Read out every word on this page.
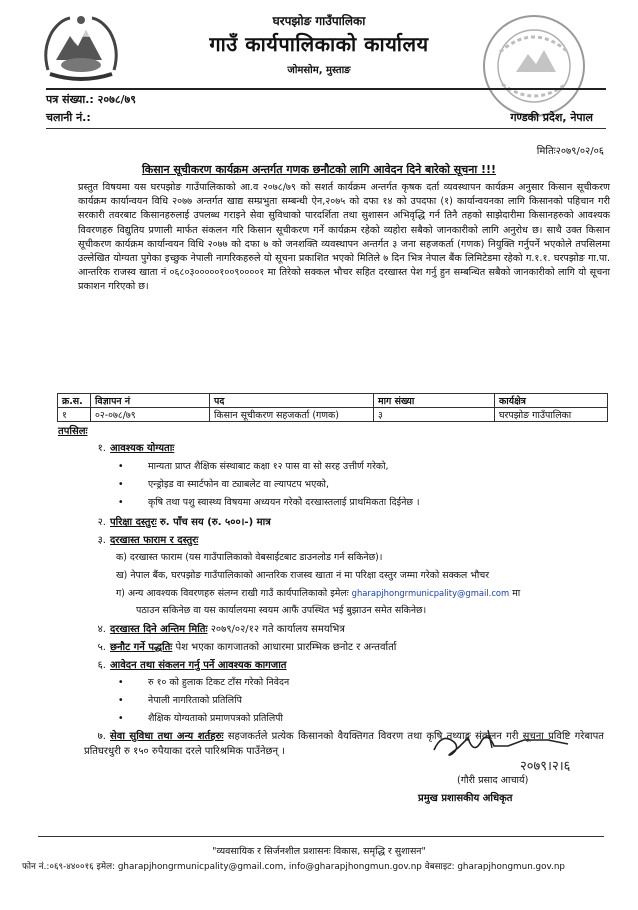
घरपझोङ गाउँपालिका
गाउँ कार्यपालिकाको कार्यालय
जोमसोम, मुस्ताङ
पत्र संख्या.: २०७८/७९
चलानी नं.:	गण्डकी प्रदेश, नेपाल
मितिः२०७९/०२/०६
किसान सूचीकरण कार्यक्रम अन्तर्गत गणक छनौटको लागि आवेदन दिने बारेको सूचना !!!
प्रस्तुत विषयमा यस घरपझोङ गाउँपालिकाको आ.व २०७८/७९ को सशर्त कार्यक्रम अन्तर्गत कृषक दर्ता व्यवस्थापन कार्यक्रम अनुसार किसान सूचीकरण कार्यक्रम कार्यान्वयन विधि २०७७ अन्तर्गत खाद्य सम्प्रभुता सम्बन्धी ऐन,२०७५ को दफा १४ को उपदफा (१) कार्यान्वयनका लागि किसानको पहिचान गरी सरकारी तवरबाट किसानहरुलाई उपलब्ध गराइने सेवा सुविधाको पारदर्शिता तथा सुशासन अभिवृद्धि गर्न तिनै तहको साझेदारीमा किसानहरुको आवश्यक विवरणहरु विद्युतिय प्रणाली मार्फत संकलन गरि किसान सूचीकरण गर्ने कार्यक्रम रहेको व्यहोरा सबैको जानकारीको लागि अनुरोध छ। साथै उक्त किसान सूचीकरण कार्यक्रम कार्यान्वयन विधि २०७७ को दफा ७ को जनशक्ति व्यवस्थापन अन्तर्गत ३ जना सहजकर्ता (गणक) नियुक्ति गर्नुपर्ने भएकोले तपसिलमा उल्लेखित योग्यता पुगेका इच्छुक नेपाली नागरिकहरुले यो सूचना प्रकाशित भएको मितिले ७ दिन भित्र नेपाल बैंक लिमिटेडमा रहेको ग.१.१. घरपझोङ गा.पा. आन्तरिक राजस्व खाता नं ०६८०३०००००१००९००००१ मा तिरेको सक्कल भौचर सहित दरखास्त पेश गर्नु हुन सम्बन्धित सबैको जानकारीको लागि यो सूचना प्रकाशन गरिएको छ।
क्र.स.	विज्ञापन नं	पद	माग संख्या	कार्यक्षेत्र
१	०२-०७८/७९	किसान सूचीकरण सहजकर्ता (गणक)	३	घरपझोङ गाउँपालिका
तपसिलः
१. आवश्यक योग्यताः
•	मान्यता प्राप्त शैक्षिक संस्थाबाट कक्षा १२ पास वा सो सरह उत्तीर्ण गरेको,
•	एन्ड्रोइड वा स्मार्टफोन वा ट्याबलेट वा ल्यापटप भएको,
•	कृषि तथा पशु स्वास्थ्य विषयमा अध्ययन गरेकोे दरखास्तलाई प्राथमिकता दिईनेछ ।
२. परिक्षा दस्तुरः रु. पाँच सय (रु. ५००।-) मात्र
३. दरखास्त फाराम र दस्तुरः
क) दरखास्त फाराम (यस गाउँपालिकाको वेबसाईटबाट डाउनलोड गर्न सकिनेछ)।
ख) नेपाल बैंक, घरपझोङ गाउँपालिकाको आन्तरिक राजस्व खाता नं मा परिक्षा दस्तुर जम्मा गरेको सक्कल भौचर
ग) अन्य आवश्यक विवरणहरु संलग्न राखी गाउँ कार्यपालिकाको इमेलः gharapjhongrmunicpality@gmail.com मा
पठाउन सकिनेछ वा यस कार्यालयमा स्वयम आफैं उपस्थित भई बुझाउन समेत सकिनेछ।
४. दरखास्त दिने अन्तिम मितिः २०७९/०२/१२ गते कार्यालय समयभित्र
५. छनौट गर्ने पद्धतिः पेश भएका कागजातको आधारमा प्रारम्भिक छनोट र अन्तर्वार्ता
६. आवेदन तथा संकलन गर्नु पर्ने आवश्यक कागजात
•	रु १० को हुलाक टिकट टाँस गरेको निवेदन
•	नेपाली नागरिताको प्रतिलिपि
•	शैक्षिक योग्यताको प्रमाणपत्रको प्रतिलिपी
७. सेवा सुविधा तथा अन्य शर्तहरुः सहजकर्तले प्रत्येक किसानको वैयक्तिगत विवरण तथा कृषि तथ्याङ्क संकलन गरी सूचना प्रविष्टि गरेबापत प्रतिघरधुरी रु १५० रुपैयाका दरले पारिश्रमिक पाउँनेछन् ।
२०७९।२।६
(गौरी प्रसाद आचार्य)
प्रमुख प्रशासकीय अधिकृत
"व्यवसायिक र सिर्जनशील प्रशासनः विकास, समृद्धि र सुशासन"
फोन नं.:०६९-४४००१६ इमेल: gharapjhongrmunicpality@gmail.com, info@gharapjhongmun.gov.np वेबसाइट: gharapjhongmun.gov.np
